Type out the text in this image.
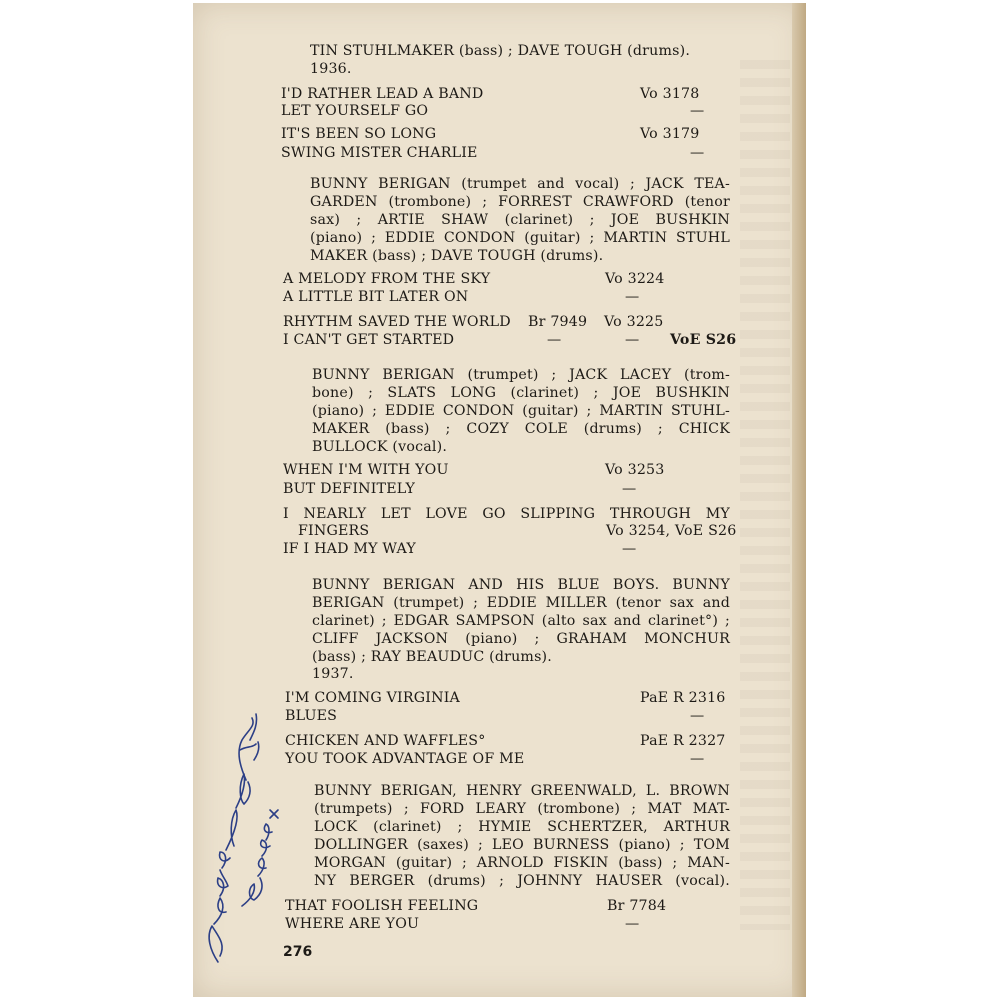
TIN STUHLMAKER (bass) ; DAVE TOUGH (drums).
1936.
I'D RATHER LEAD A BAND	Vo 3178
LET YOURSELF GO	—
IT'S BEEN SO LONG	Vo 3179
SWING MISTER CHARLIE	—
BUNNY BERIGAN (trumpet and vocal) ; JACK TEA-
GARDEN (trombone) ; FORREST CRAWFORD (tenor
sax) ; ARTIE SHAW (clarinet) ; JOE BUSHKIN
(piano) ; EDDIE CONDON (guitar) ; MARTIN STUHL
MAKER (bass) ; DAVE TOUGH (drums).
A MELODY FROM THE SKY	Vo 3224
A LITTLE BIT LATER ON	—
RHYTHM SAVED THE WORLD Br 7949 Vo 3225
I CAN'T GET STARTED	—	— VoE S26
BUNNY BERIGAN (trumpet) ; JACK LACEY (trom-
bone) ; SLATS LONG (clarinet) ; JOE BUSHKIN
(piano) ; EDDIE CONDON (guitar) ; MARTIN STUHL-
MAKER (bass) ; COZY COLE (drums) ; CHICK
BULLOCK (vocal).
WHEN I'M WITH YOU	Vo 3253
BUT DEFINITELY	—
I NEARLY LET LOVE GO SLIPPING THROUGH MY
FINGERS	Vo 3254, VoE S26
IF I HAD MY WAY	—
BUNNY BERIGAN AND HIS BLUE BOYS. BUNNY
BERIGAN (trumpet) ; EDDIE MILLER (tenor sax and
clarinet) ; EDGAR SAMPSON (alto sax and clarinet°) ;
CLIFF JACKSON (piano) ; GRAHAM MONCHUR
(bass) ; RAY BEAUDUC (drums).
1937.
I'M COMING VIRGINIA	PaE R 2316
BLUES	—
CHICKEN AND WAFFLES°	PaE R 2327
YOU TOOK ADVANTAGE OF ME	—
BUNNY BERIGAN, HENRY GREENWALD, L. BROWN
(trumpets) ; FORD LEARY (trombone) ; MAT MAT-
LOCK (clarinet) ; HYMIE SCHERTZER, ARTHUR
DOLLINGER (saxes) ; LEO BURNESS (piano) ; TOM
MORGAN (guitar) ; ARNOLD FISKIN (bass) ; MAN-
NY BERGER (drums) ; JOHNNY HAUSER (vocal).
THAT FOOLISH FEELING	Br 7784
WHERE ARE YOU	—
276
